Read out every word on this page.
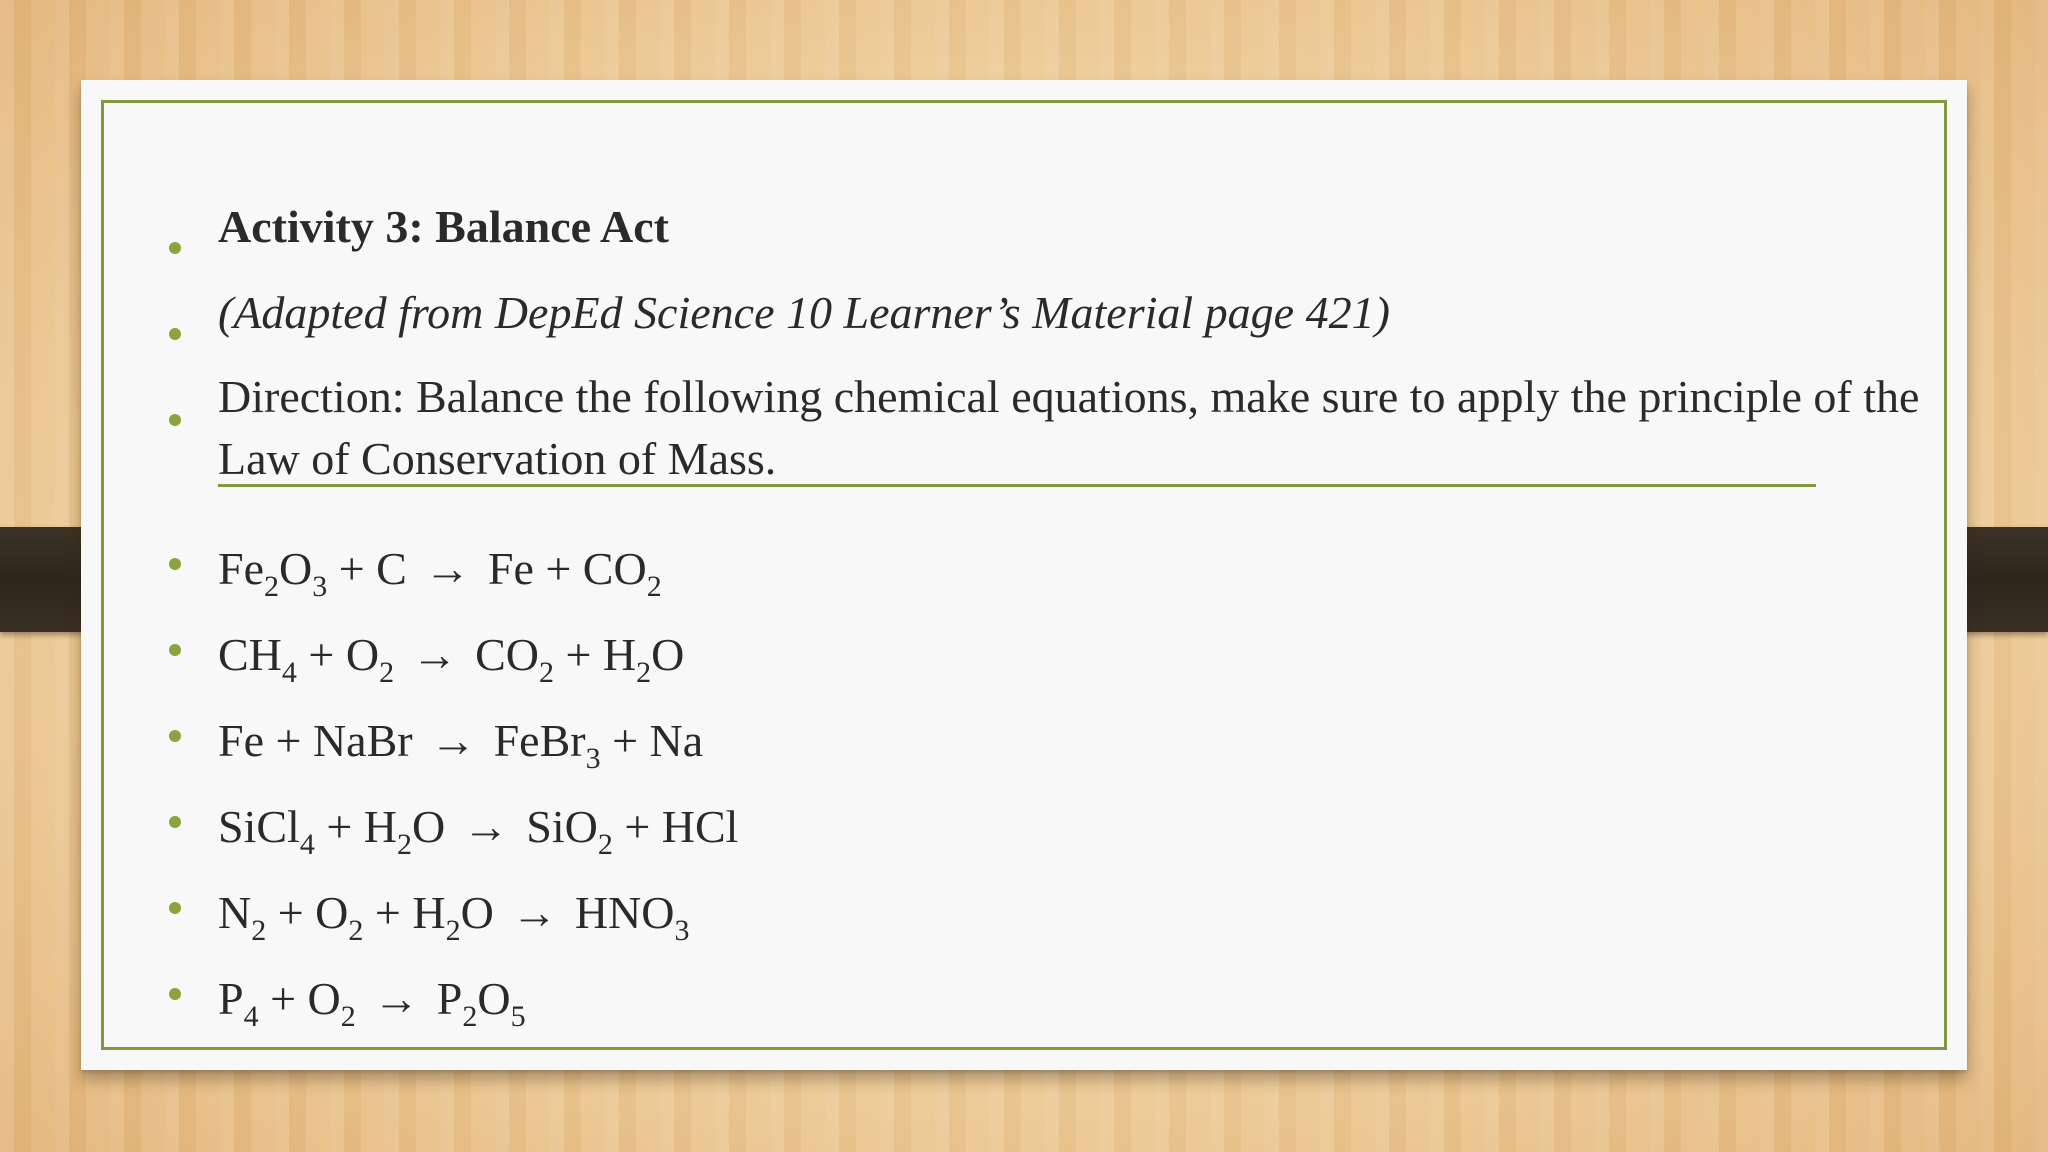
Activity 3: Balance Act
(Adapted from DepEd Science 10 Learner’s Material page 421)
Direction: Balance the following chemical equations, make sure to apply the principle of the Law of Conservation of Mass.
$Fe_2O_3 + C \to Fe + CO_2$
$CH_4 + O_2 \to CO_2 + H_2O$
Fe + NaBr → FeBr$_3$ + Na
SiCl$_4$ + $H_2O \to SiO_2$ + HCl
$N_2 + O_2 + H_2O \to HNO_3$
$P_4 + O_2 \to P_2O_5$
